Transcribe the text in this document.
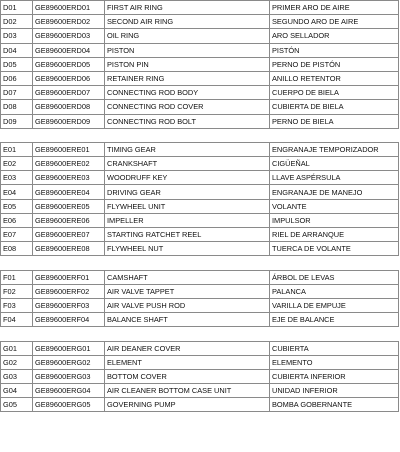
D01	GE89600ERD01	FIRST AIR RING	PRIMER ARO DE AIRE
D02	GE89600ERD02	SECOND AIR RING	SEGUNDO ARO DE AIRE
D03	GE89600ERD03	OIL RING	ARO SELLADOR
D04	GE89600ERD04	PISTON	PISTÓN
D05	GE89600ERD05	PISTON PIN	PERNO DE PISTÓN
D06	GE89600ERD06	RETAINER RING	ANILLO RETENTOR
D07	GE89600ERD07	CONNECTING ROD BODY	CUERPO DE BIELA
D08	GE89600ERD08	CONNECTING ROD COVER	CUBIERTA DE BIELA
D09	GE89600ERD09	CONNECTING ROD BOLT	PERNO DE BIELA

E01	GE89600ERE01	TIMING GEAR	ENGRANAJE TEMPORIZADOR
E02	GE89600ERE02	CRANKSHAFT	CIGÜEÑAL
E03	GE89600ERE03	WOODRUFF KEY	LLAVE ASPÉRSULA
E04	GE89600ERE04	DRIVING GEAR	ENGRANAJE DE MANEJO
E05	GE89600ERE05	FLYWHEEL UNIT	VOLANTE
E06	GE89600ERE06	IMPELLER	IMPULSOR
E07	GE89600ERE07	STARTING RATCHET REEL	RIEL DE ARRANQUE
E08	GE89600ERE08	FLYWHEEL NUT	TUERCA DE VOLANTE

F01	GE89600ERF01	CAMSHAFT	ÁRBOL DE LEVAS
F02	GE89600ERF02	AIR VALVE TAPPET	PALANCA
F03	GE89600ERF03	AIR VALVE PUSH ROD	VARILLA DE EMPUJE
F04	GE89600ERF04	BALANCE SHAFT	EJE DE BALANCE

G01	GE89600ERG01	AIR DEANER COVER	CUBIERTA
G02	GE89600ERG02	ELEMENT	ELEMENTO
G03	GE89600ERG03	BOTTOM COVER	CUBIERTA INFERIOR
G04	GE89600ERG04	AIR CLEANER BOTTOM CASE UNIT	UNIDAD INFERIOR
G05	GE89600ERG05	GOVERNING PUMP	BOMBA GOBERNANTE
